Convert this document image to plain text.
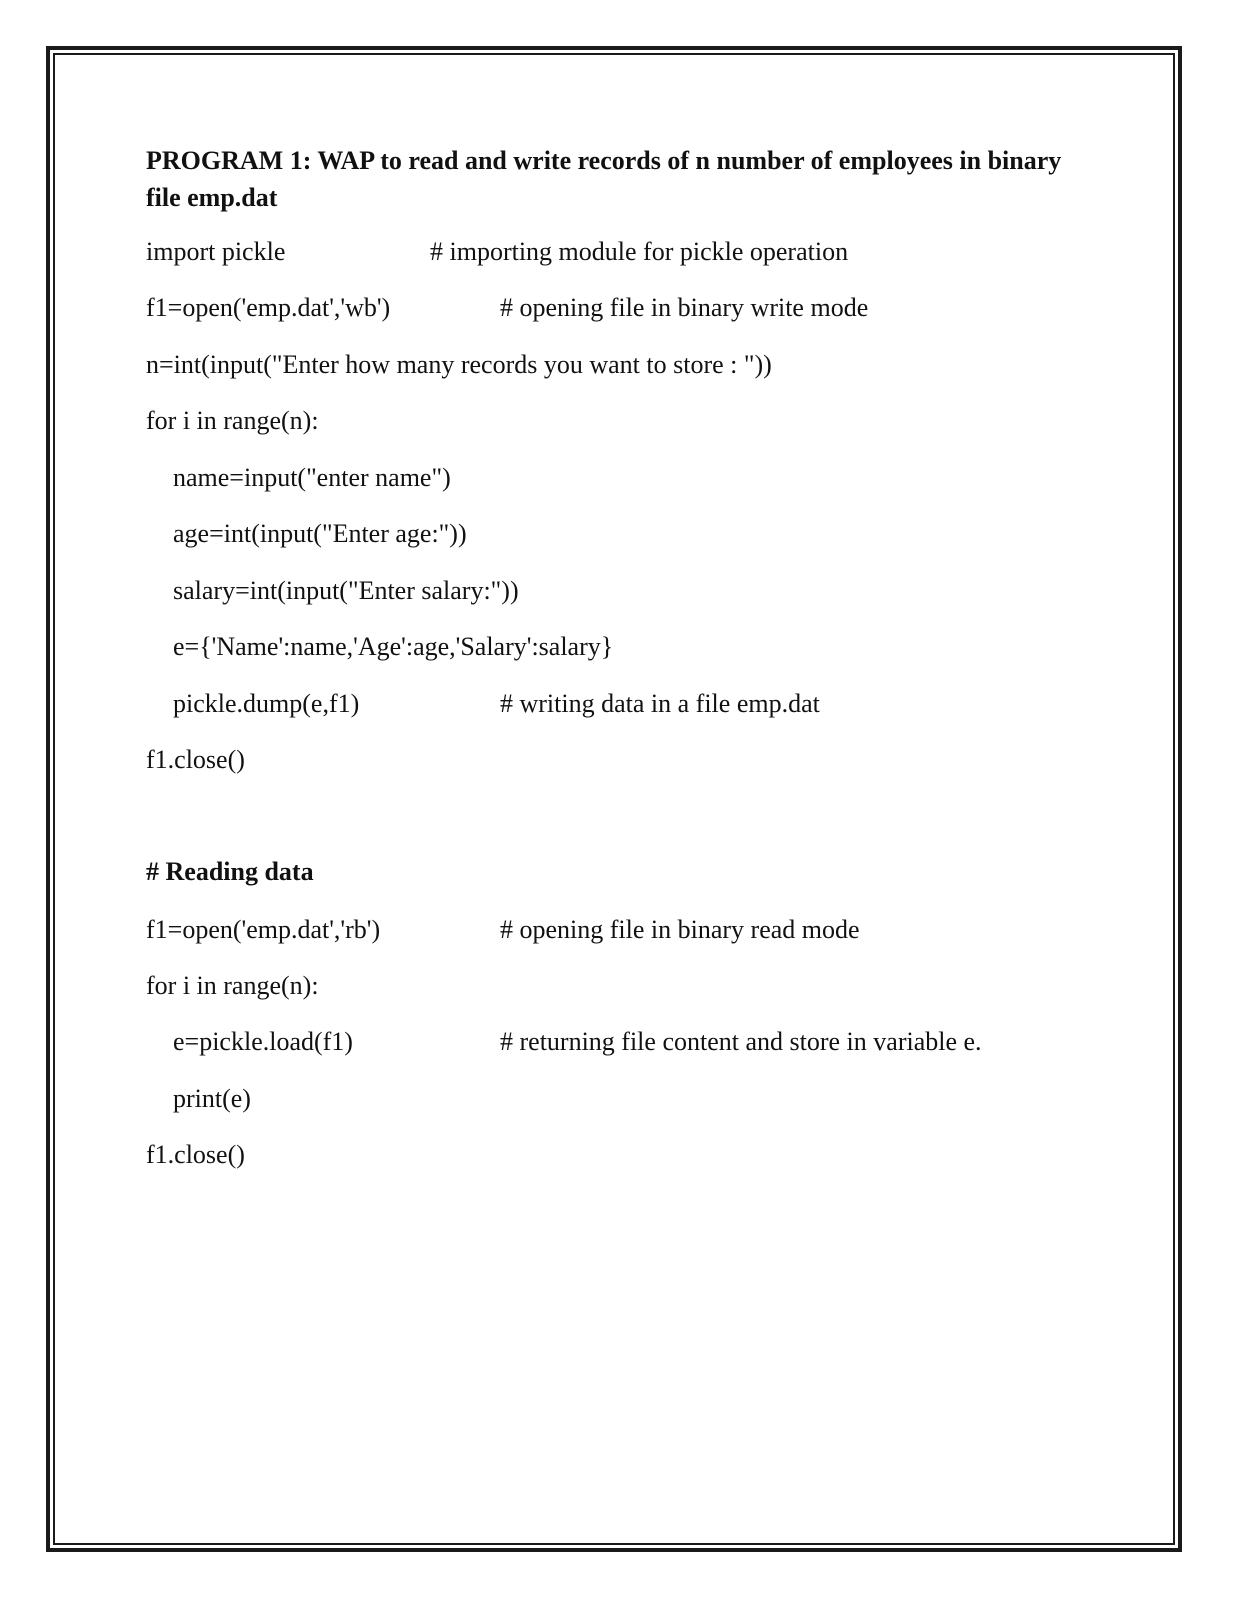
PROGRAM 1: WAP to read and write records of n number of employees in binary file emp.dat
import pickle	# importing module for pickle operation
f1=open('emp.dat','wb')	# opening file in binary write mode
n=int(input("Enter how many records you want to store : "))
for i in range(n):
name=input("enter name")
age=int(input("Enter age:"))
salary=int(input("Enter salary:"))
e={'Name':name,'Age':age,'Salary':salary}
pickle.dump(e,f1)	# writing data in a file emp.dat
f1.close()
# Reading data
f1=open('emp.dat','rb')	# opening file in binary read mode
for i in range(n):
e=pickle.load(f1)	# returning file content and store in variable e.
print(e)
f1.close()
